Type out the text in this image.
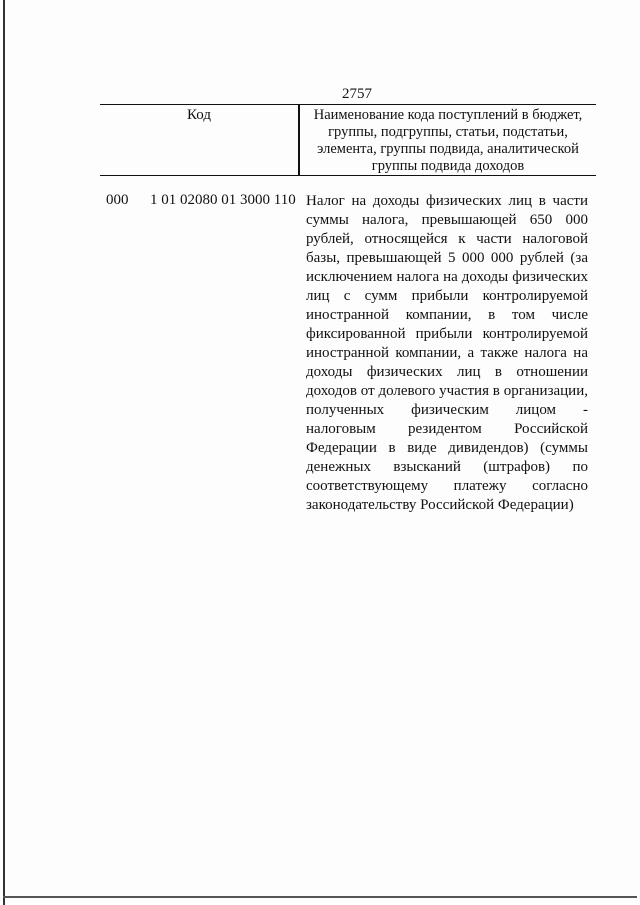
2757
Код	Наименование кода поступлений в бюджет, группы, подгруппы, статьи, подстатьи, элемента, группы подвида, аналитической группы подвида доходов
000 1 01 02080 01 3000 110 Налог на доходы физических лиц в части суммы налога, превышающей 650 000 рублей, относящейся к части налоговой базы, превышающей 5 000 000 рублей (за исключением налога на доходы физических лиц с сумм прибыли контролируемой иностранной компании, в том числе фиксированной прибыли контролируемой иностранной компании, а также налога на доходы физических лиц в отношении доходов от долевого участия в организации, полученных физическим лицом - налоговым резидентом Российской Федерации в виде дивидендов) (суммы денежных взысканий (штрафов) по соответствующему платежу согласно законодательству Российской Федерации)
